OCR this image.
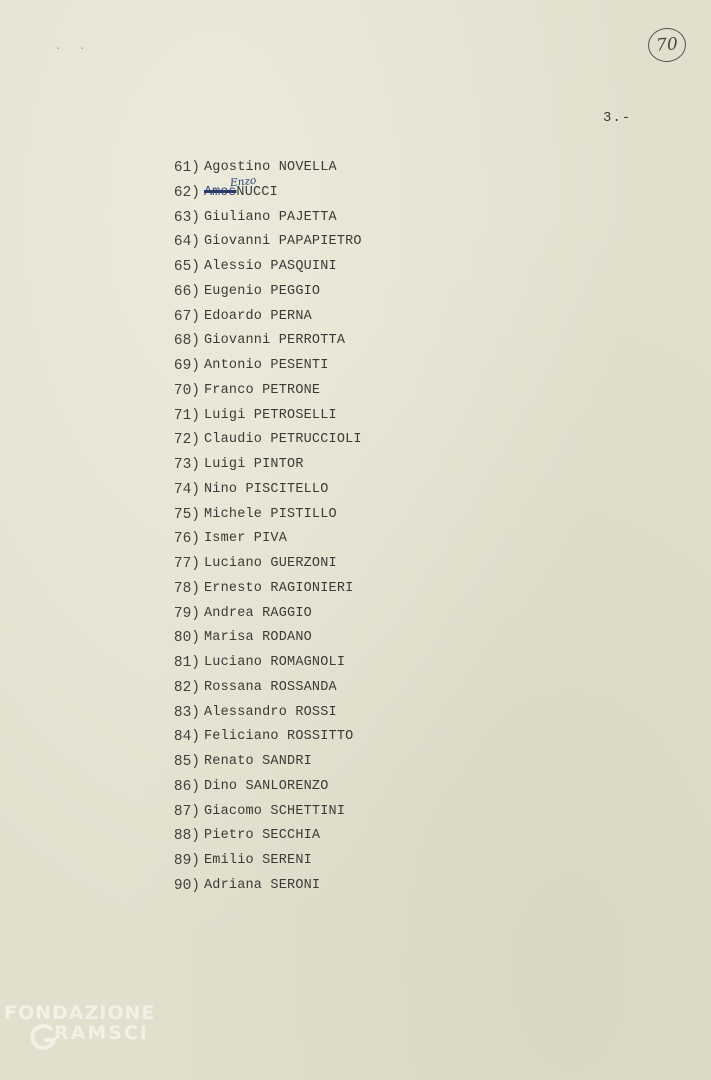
. .	70
3.-
61) Agostino NOVELLA
62) Amos
Enzo
NUCCI
63) Giuliano PAJETTA
64) Giovanni PAPAPIETRO
65) Alessio PASQUINI
66) Eugenio PEGGIO
67) Edoardo PERNA
68) Giovanni PERROTTA
69) Antonio PESENTI
70) Franco PETRONE
71) Luigi PETROSELLI
72) Claudio PETRUCCIOLI
73) Luigi PINTOR
74) Nino PISCITELLO
75) Michele PISTILLO
76) Ismer PIVA
77) Luciano GUERZONI
78) Ernesto RAGIONIERI
79) Andrea RAGGIO
80) Marisa RODANO
81) Luciano ROMAGNOLI
82) Rossana ROSSANDA
83) Alessandro ROSSI
84) Feliciano ROSSITTO
85) Renato SANDRI
86) Dino SANLORENZO
87) Giacomo SCHETTINI
88) Pietro SECCHIA
89) Emilio SERENI
90) Adriana SERONI
FONDAZIONE
RAMSCI
